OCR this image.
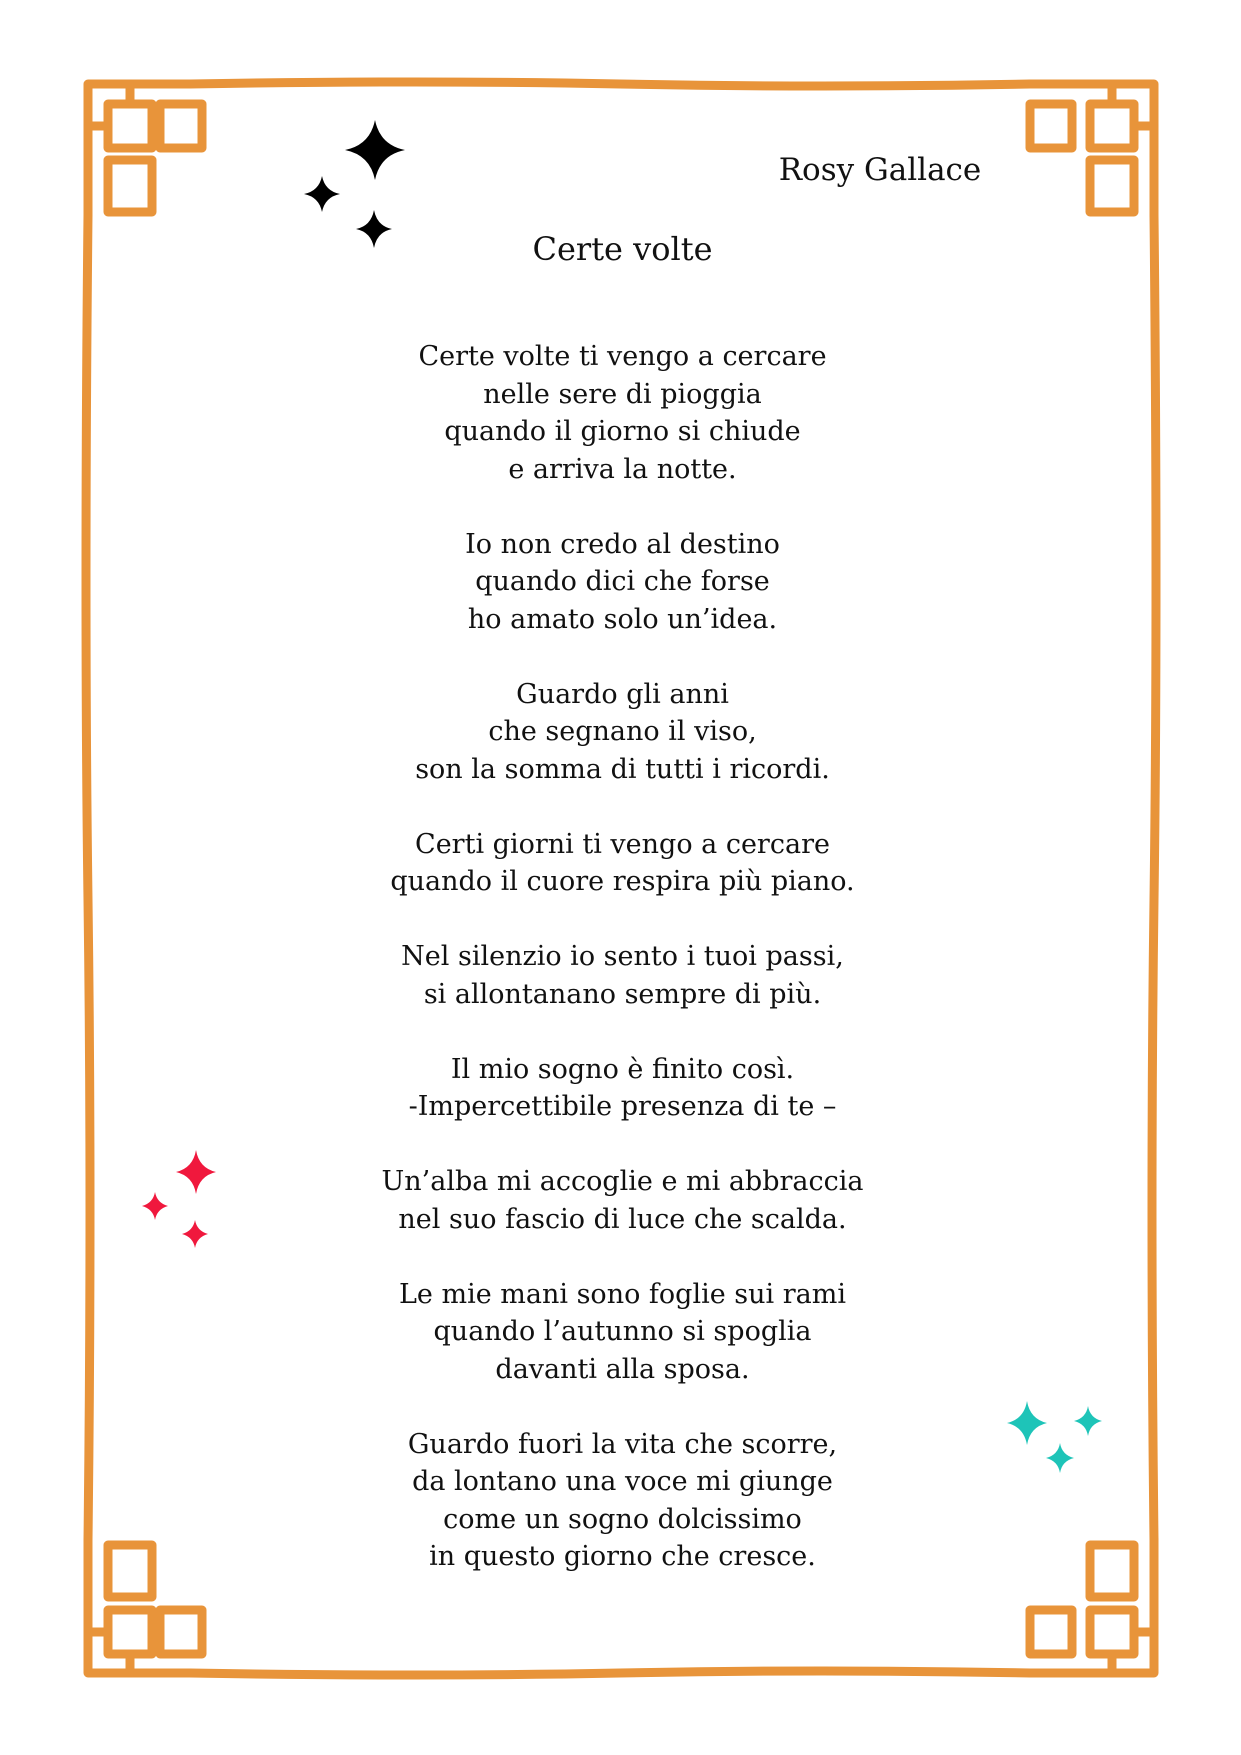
Rosy Gallace
Certe volte
Certe volte ti vengo a cercare
nelle sere di pioggia
quando il giorno si chiude
e arriva la notte.
Io non credo al destino
quando dici che forse
ho amato solo un’idea.
Guardo gli anni
che segnano il viso,
son la somma di tutti i ricordi.
Certi giorni ti vengo a cercare
quando il cuore respira più piano.
Nel silenzio io sento i tuoi passi,
si allontanano sempre di più.
Il mio sogno è finito così.
-Impercettibile presenza di te –
Un’alba mi accoglie e mi abbraccia
nel suo fascio di luce che scalda.
Le mie mani sono foglie sui rami
quando l’autunno si spoglia
davanti alla sposa.
Guardo fuori la vita che scorre,
da lontano una voce mi giunge
come un sogno dolcissimo
in questo giorno che cresce.
